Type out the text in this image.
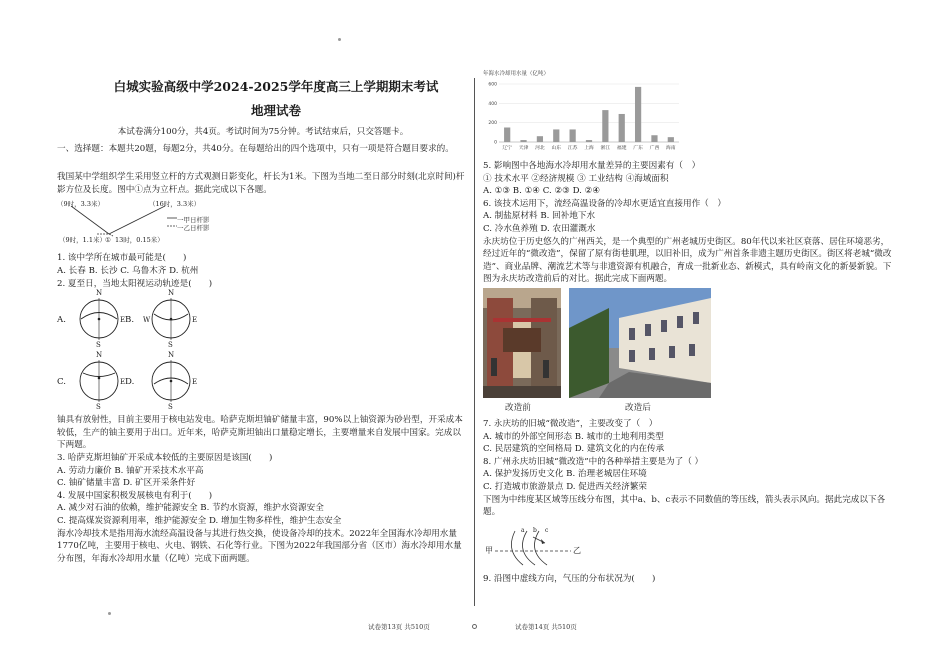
白城实验高级中学2024-2025学年度高三上学期期末考试
地理试卷
本试卷满分100分，共4页。考试时间为75分钟。考试结束后，只交答题卡。
一、选择题：本题共20题，每题2分，共40分。在每题给出的四个选项中，只有一项是符合题目要求的。
我国某中学组织学生采用竖立杆的方式观测日影变化，杆长为1米。下图为当地二至日部分时刻(北京时间)杆影方位及长度。图中①点为立杆点。据此完成以下各题。
（9时，3.3米）	（16时，3.3米）
一甲日杆影
一乙日杆影
（9时，1.1米） ① 13时，0.15米）
1. 该中学所在城市最可能是(　　)
A. 长春 B. 长沙 C. 乌鲁木齐 D. 杭州
2. 夏至日，当地太阳视运动轨迹是(　　)
A.	B.
C.	D.
N
S
E
N
S
W	E
N
S
E
N
S
E
铀具有放射性，目前主要用于核电站发电。哈萨克斯坦铀矿储量丰富，90%以上铀资源为砂岩型，开采成本较低，生产的铀主要用于出口。近年来，哈萨克斯坦铀出口量稳定增长，主要增量来自发展中国家。完成以下两题。
3. 哈萨克斯坦铀矿开采成本较低的主要原因是该国(　　)
A. 劳动力廉价 B. 铀矿开采技术水平高
C. 铀矿储量丰富 D. 矿区开采条件好
4. 发展中国家积极发展核电有利于(　　)
A. 减少对石油的依赖，维护能源安全 B. 节约水资源，维护水资源安全
C. 提高煤炭资源利用率，维护能源安全 D. 增加生物多样性，维护生态安全
海水冷却技术是指用海水流经高温设备与其进行热交换，使设备冷却的技术。2022年全国海水冷却用水量1770亿吨，主要用于核电、火电、钢铁、石化等行业。下图为2022年我国部分省（区市）海水冷却用水量分布图，年海水冷却用水量（亿吨）完成下面两题。
年海水冷却用水量（亿吨）
0
200
400
600
辽宁 天津 河北 山东 江苏 上海 浙江 福建 广东 广西 海南
5. 影响图中各地海水冷却用水量差异的主要因素有（　）
① 技术水平 ②经济规模 ③ 工业结构 ④海域面积
A. ①③ B. ①④ C. ②③ D. ②④
6. 该技术运用下，流经高温设备的冷却水更适宜直接用作（　）
A. 制盐原材料 B. 回补地下水
C. 冷水鱼养殖 D. 农田灌溉水
永庆坊位于历史悠久的广州西关，是一个典型的广州老城历史街区。80年代以来社区衰落、居住环境恶劣，经过近年的“微改造”，保留了原有街巷肌理，以旧补旧，成为广州首条非遗主题历史街区。街区将老城“微改造”、商业品牌、潮流艺术等与非遗资源有机融合，育成一批新业态、新模式，具有岭南文化的新晏新貌。下图为永庆坊改造前后的对比。据此完成下面两题。
改造前	改造后
7. 永庆坊的旧城“微改造”，主要改变了（　）
A. 城市的外部空间形态 B. 城市的土地利用类型
C. 民居建筑的空间格局 D. 建筑文化的内在传承
8. 广州永庆坊旧城“微改造”中的各种举措主要是为了（ ）
A. 保护发扬历史文化 B. 治理老城居住环境
C. 打造城市旅游景点 D. 促进西关经济繁荣
下图为中纬度某区域等压线分布图，其中a、b、c表示不同数值的等压线，箭头表示风向。据此完成以下各题。
甲	乙
a b c
9. 沿图中虚线方向，气压的分布状况为(　　)
试卷第13页 共510页	试卷第14页 共510页
